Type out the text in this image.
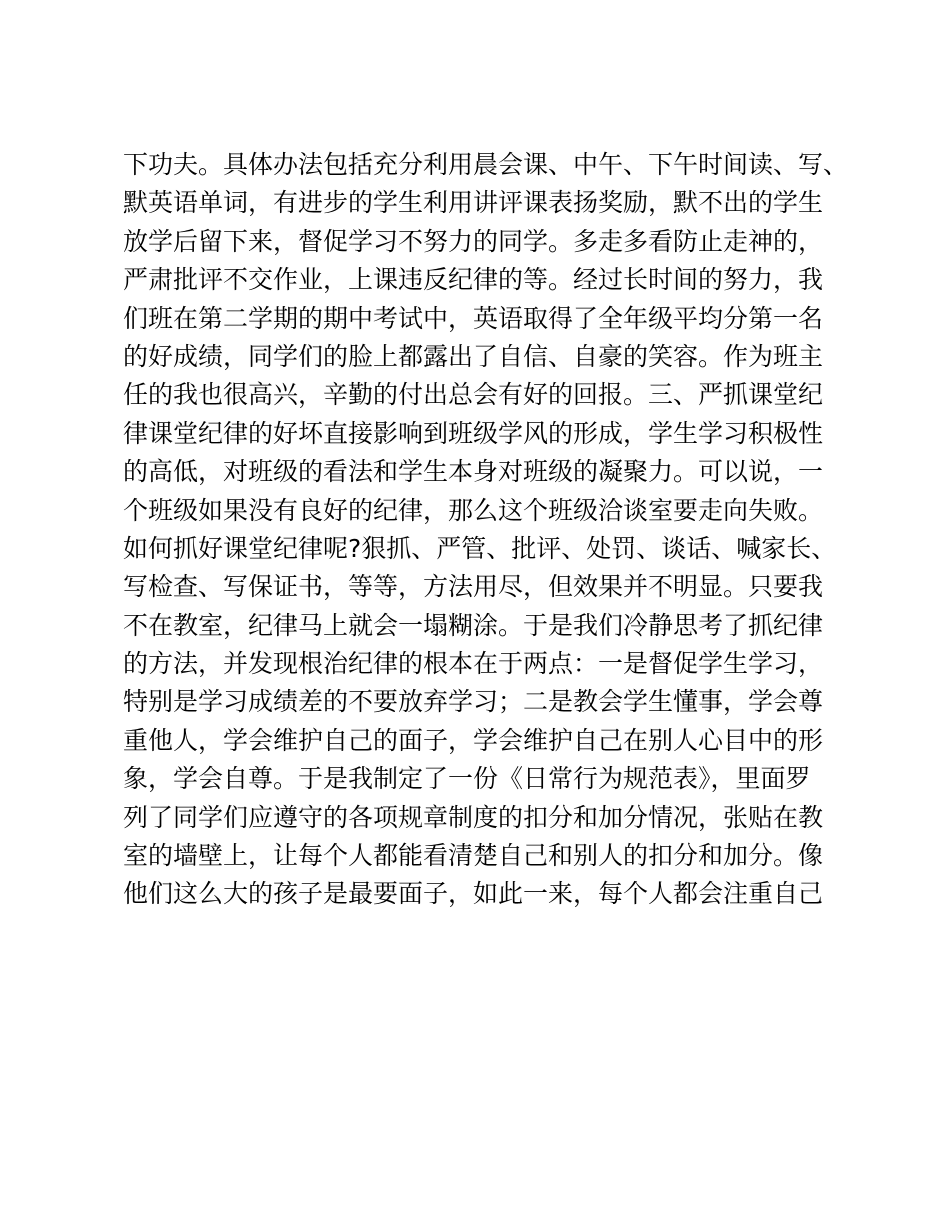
下功夫。具体办法包括充分利用晨会课、中午、下午时间读、写、
默英语单词，有进步的学生利用讲评课表扬奖励，默不出的学生
放学后留下来，督促学习不努力的同学。多走多看防止走神的，
严肃批评不交作业，上课违反纪律的等。经过长时间的努力，我
们班在第二学期的期中考试中，英语取得了全年级平均分第一名
的好成绩，同学们的脸上都露出了自信、自豪的笑容。作为班主
任的我也很高兴，辛勤的付出总会有好的回报。三、严抓课堂纪
律课堂纪律的好坏直接影响到班级学风的形成，学生学习积极性
的高低，对班级的看法和学生本身对班级的凝聚力。可以说，一
个班级如果没有良好的纪律，那么这个班级洽谈室要走向失败。
如何抓好课堂纪律呢?狠抓、严管、批评、处罚、谈话、喊家长、
写检查、写保证书，等等，方法用尽，但效果并不明显。只要我
不在教室，纪律马上就会一塌糊涂。于是我们冷静思考了抓纪律
的方法，并发现根治纪律的根本在于两点：一是督促学生学习，
特别是学习成绩差的不要放弃学习；二是教会学生懂事，学会尊
重他人，学会维护自己的面子，学会维护自己在别人心目中的形
象，学会自尊。于是我制定了一份《日常行为规范表》，里面罗
列了同学们应遵守的各项规章制度的扣分和加分情况，张贴在教
室的墙壁上，让每个人都能看清楚自己和别人的扣分和加分。像
他们这么大的孩子是最要面子，如此一来，每个人都会注重自己
